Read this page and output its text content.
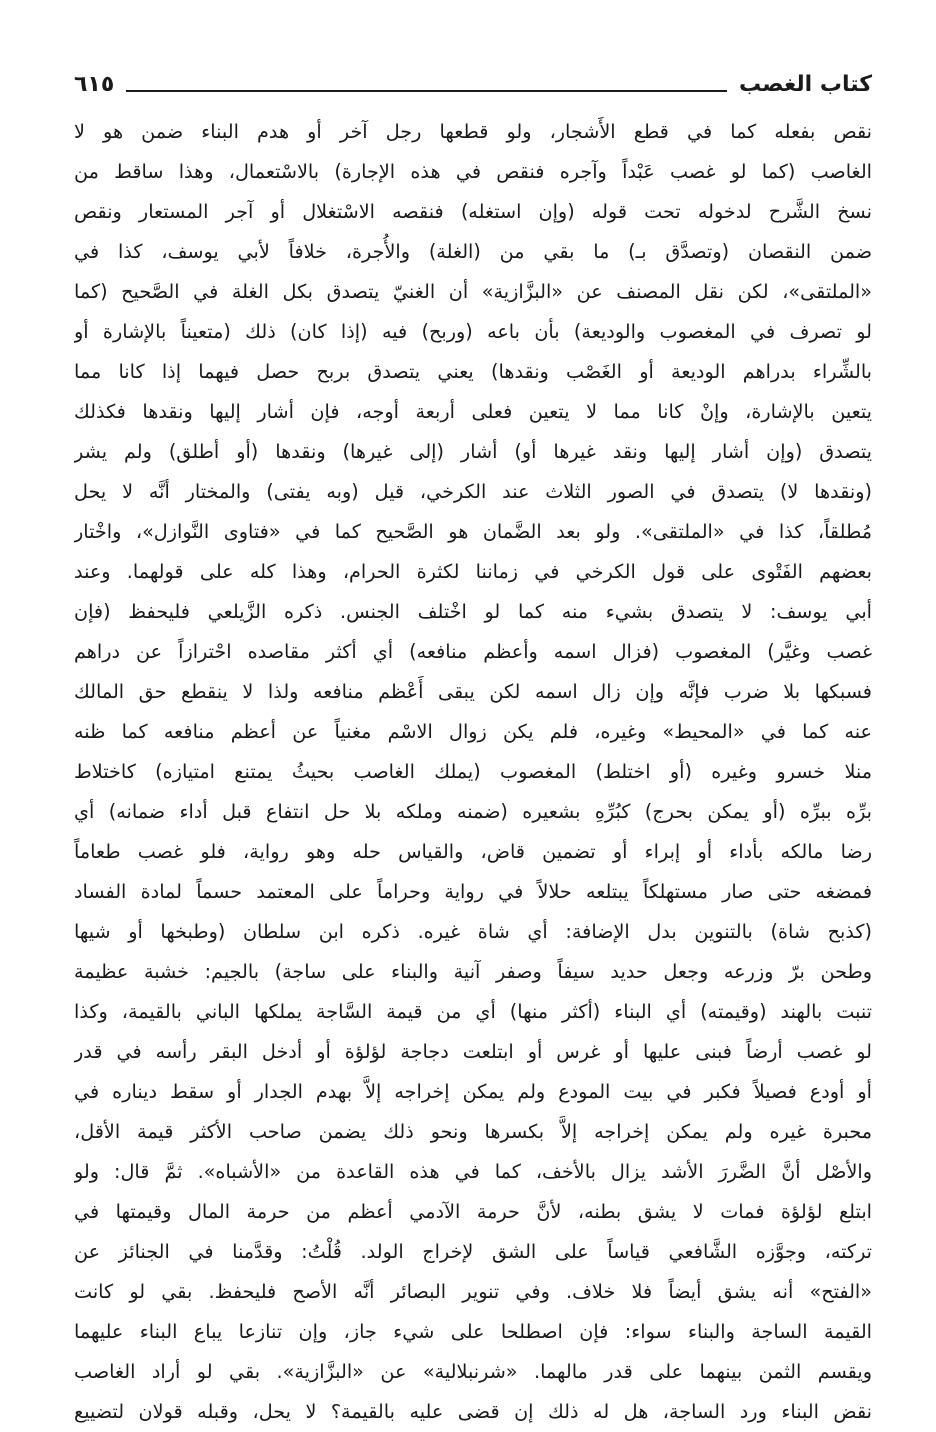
كتاب الغصب
٦١٥
نقص بفعله كما في قطع الأَشجار، ولو قطعها رجل آخر أو هدم البناء ضمن هو لا
الغاصب (كما لو غصب عَبْداً وآجره فنقص في هذه الإجارة) بالاسْتعمال، وهذا ساقط من
نسخ الشَّرح لدخوله تحت قوله (وإن استغله) فنقصه الاسْتغلال أو آجر المستعار ونقص
ضمن النقصان (وتصدَّق بـ) ما بقي من (الغلة) والأُجرة، خلافاً لأبي يوسف، كذا في
«الملتقى»، لكن نقل المصنف عن «البزَّازية» أن الغنيّ يتصدق بكل الغلة في الصَّحيح (كما
لو تصرف في المغصوب والوديعة) بأن باعه (وربح) فيه (إذا كان) ذلك (متعيناً بالإشارة أو
بالشِّراء بدراهم الوديعة أو الغَصْب ونقدها) يعني يتصدق بربح حصل فيهما إذا كانا مما
يتعين بالإشارة، وإنْ كانا مما لا يتعين فعلى أربعة أوجه، فإن أشار إليها ونقدها فكذلك
يتصدق (وإن أشار إليها ونقد غيرها أو) أشار (إلى غيرها) ونقدها (أو أطلق) ولم يشر
(ونقدها لا) يتصدق في الصور الثلاث عند الكرخي، قيل (وبه يفتى) والمختار أنَّه لا يحل
مُطلقاً، كذا في «الملتقى». ولو بعد الضَّمان هو الصَّحيح كما في «فتاوى النَّوازل»، واخْتار
بعضهم الفَتْوى على قول الكرخي في زماننا لكثرة الحرام، وهذا كله على قولهما. وعند
أبي يوسف: لا يتصدق بشيء منه كما لو اخْتلف الجنس. ذكره الزَّيلعي فليحفظ (فإن
غصب وغيَّر) المغصوب (فزال اسمه وأعظم منافعه) أي أكثر مقاصده احْترازاً عن دراهم
فسبكها بلا ضرب فإنَّه وإن زال اسمه لكن يبقى أَعْظم منافعه ولذا لا ينقطع حق المالك
عنه كما في «المحيط» وغيره، فلم يكن زوال الاسْم مغنياً عن أعظم منافعه كما ظنه
منلا خسرو وغيره (أو اختلط) المغصوب (يملك الغاصب بحيثُ يمتنع امتيازه) كاختلاط
برِّه ببرِّه (أو يمكن بحرج) كبُرِّهِ بشعيره (ضمنه وملكه بلا حل انتفاع قبل أداء ضمانه) أي
رضا مالكه بأداء أو إبراء أو تضمين قاض، والقياس حله وهو رواية، فلو غصب طعاماً
فمضغه حتى صار مستهلكاً يبتلعه حلالاً في رواية وحراماً على المعتمد حسماً لمادة الفساد
(كذبح شاة) بالتنوين بدل الإضافة: أي شاة غيره. ذكره ابن سلطان (وطبخها أو شيها
وطحن برّ وزرعه وجعل حديد سيفاً وصفر آنية والبناء على ساجة) بالجيم: خشبة عظيمة
تنبت بالهند (وقيمته) أي البناء (أكثر منها) أي من قيمة السَّاجة يملكها الباني بالقيمة، وكذا
لو غصب أرضاً فبنى عليها أو غرس أو ابتلعت دجاجة لؤلؤة أو أدخل البقر رأسه في قدر
أو أودع فصيلاً فكبر في بيت المودع ولم يمكن إخراجه إلاَّ بهدم الجدار أو سقط ديناره في
محبرة غيره ولم يمكن إخراجه إلاَّ بكسرها ونحو ذلك يضمن صاحب الأكثر قيمة الأقل،
والأصْل أنَّ الضَّررَ الأشد يزال بالأخف، كما في هذه القاعدة من «الأشباه». ثمَّ قال: ولو
ابتلع لؤلؤة فمات لا يشق بطنه، لأنَّ حرمة الآدمي أعظم من حرمة المال وقيمتها في
تركته، وجوَّزه الشَّافعي قياساً على الشق لإخراج الولد. قُلْتُ: وقدَّمنا في الجنائز عن
«الفتح» أنه يشق أيضاً فلا خلاف. وفي تنوير البصائر أنَّه الأصح فليحفظ. بقي لو كانت
القيمة الساجة والبناء سواء: فإن اصطلحا على شيء جاز، وإن تنازعا يباع البناء عليهما
ويقسم الثمن بينهما على قدر مالهما. «شرنبلالية» عن «البزَّازية». بقي لو أراد الغاصب
نقض البناء ورد الساجة، هل له ذلك إن قضى عليه بالقيمة؟ لا يحل، وقبله قولان لتضييع
